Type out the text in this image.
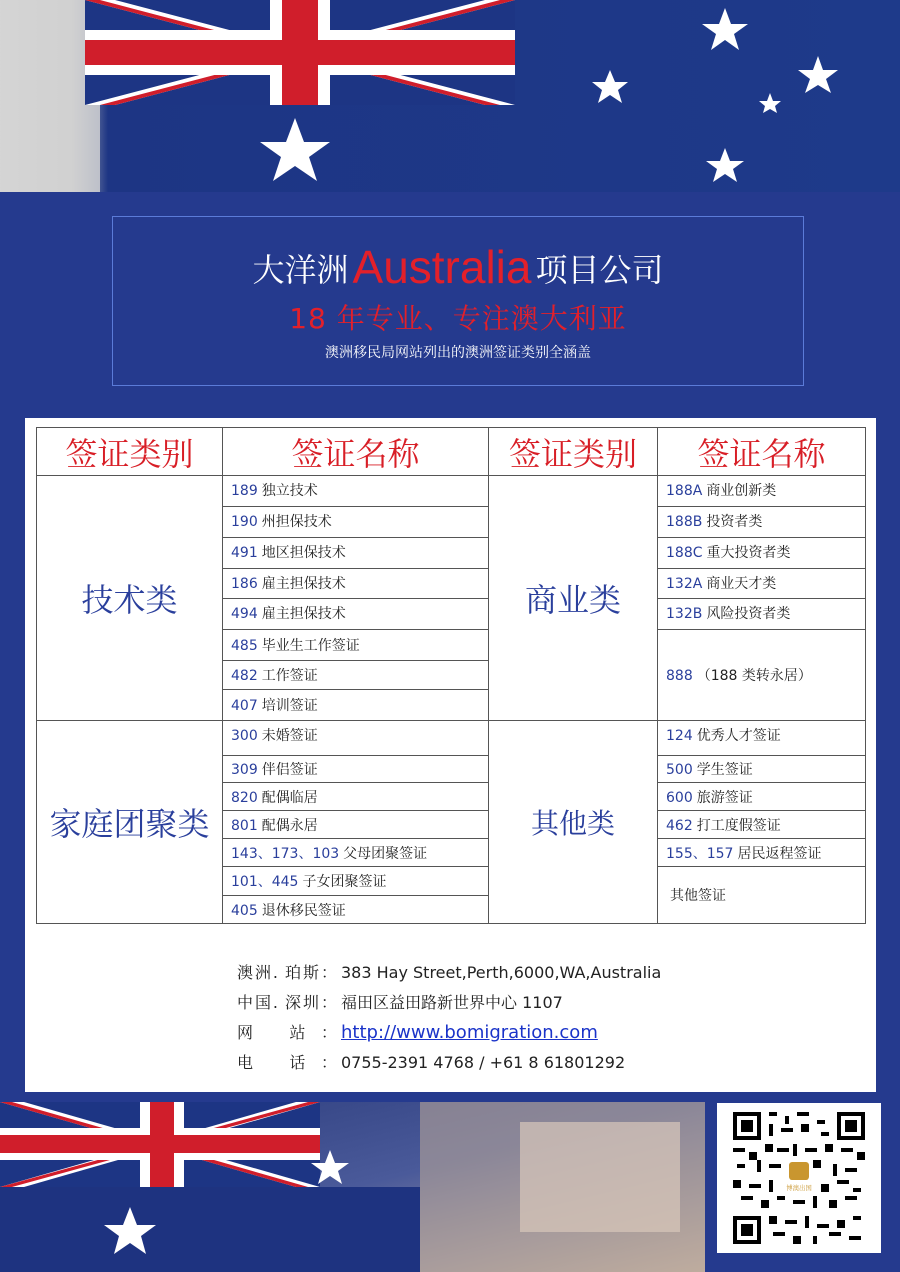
大洋洲Australia 项目公司
18 年专业、专注澳大利亚
澳洲移民局网站列出的澳洲签证类别全涵盖
签证类别	签证名称	签证类别	签证名称
技术类	189 独立技术	商业类	188A 商业创新类
	190 州担保技术		188B 投资者类
	491 地区担保技术		188C 重大投资者类
	186 雇主担保技术		132A 商业天才类
	494 雇主担保技术		132B 风险投资者类
	485 毕业生工作签证		888 （188 类转永居）
	482 工作签证		
	407 培训签证		
家庭团聚类	300 未婚签证	其他类	124 优秀人才签证
	309 伴侣签证		500 学生签证
	820 配偶临居		600 旅游签证
	801 配偶永居		462 打工度假签证
	143、173、103 父母团聚签证		155、157 居民返程签证
	101、445 子女团聚签证		其他签证
	405 退休移民签证		
澳洲. 珀斯： 383 Hay Street,Perth,6000,WA,Australia
中国. 深圳： 福田区益田路新世界中心 1107
网 站： http://www.bomigration.com
电 话： 0755-2391 4768 / +61 8 61801292
博澳出国
